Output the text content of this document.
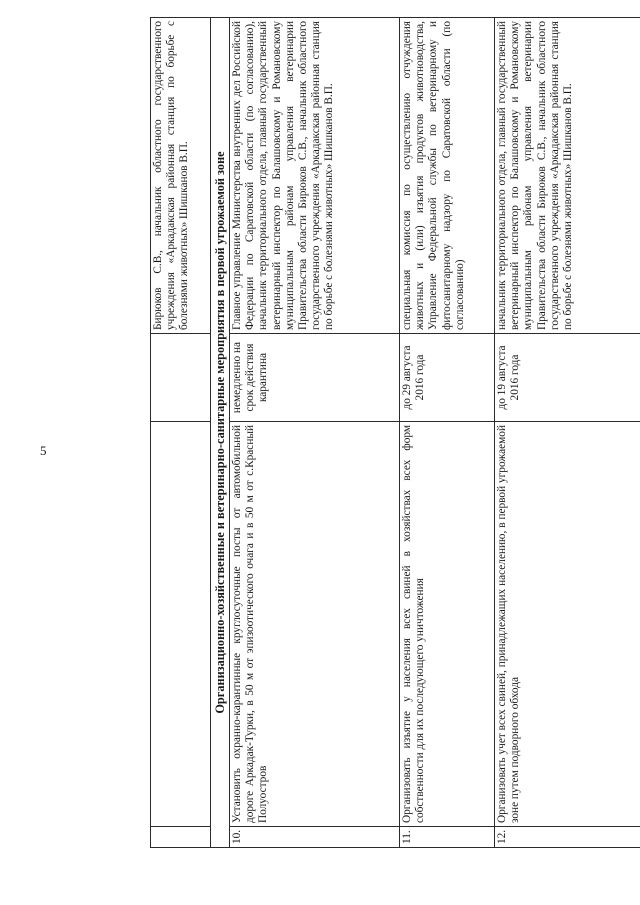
5
			Бирюков С.В., начальник областного государственного учреждения «Аркадакская районная станция по борьбе с болезнями животных» Шишканов В.П.
Организационно-хозяйственные и ветеринарно-санитарные мероприятия в первой угрожаемой зоне			
10.	Установить охранно-карантинные круглосуточные посты от автомобильной дороге Аркадак-Турки, в 50 м от эпизоотического очага и в 50 м от с.Красный Полуостров	немедленно на срок действия карантина	Главное управление Министерства внутренних дел Российской Федерации по Саратовской области (по согласованию), начальник территориального отдела, главный государственный ветеринарный инспектор по Балашовскому и Романовскому муниципальным районам управления ветеринарии Правительства области Бирюков С.В., начальник областного государственного учреждения «Аркадакская районная станция по борьбе с болезнями животных» Шишканов В.П.
11.	Организовать изъятие у населения всех свиней в хозяйствах всех форм собственности для их последующего уничтожения	до 29 августа 2016 года	специальная комиссия по осуществлению отчуждения животных и (или) изъятия продуктов животноводства, Управление Федеральной службы по ветеринарному и фитосанитарному надзору по Саратовской области (по согласованию)
12.	Организовать учет всех свиней, принадлежащих населению, в первой угрожаемой зоне путем подворного обхода	до 19 августа 2016 года	начальник территориального отдела, главный государственный ветеринарный инспектор по Балашовскому и Романовскому муниципальным районам управления ветеринарии Правительства области Бирюков С.В., начальник областного государственного учреждения «Аркадакская районная станция по борьбе с болезнями животных» Шишканов В.П.
